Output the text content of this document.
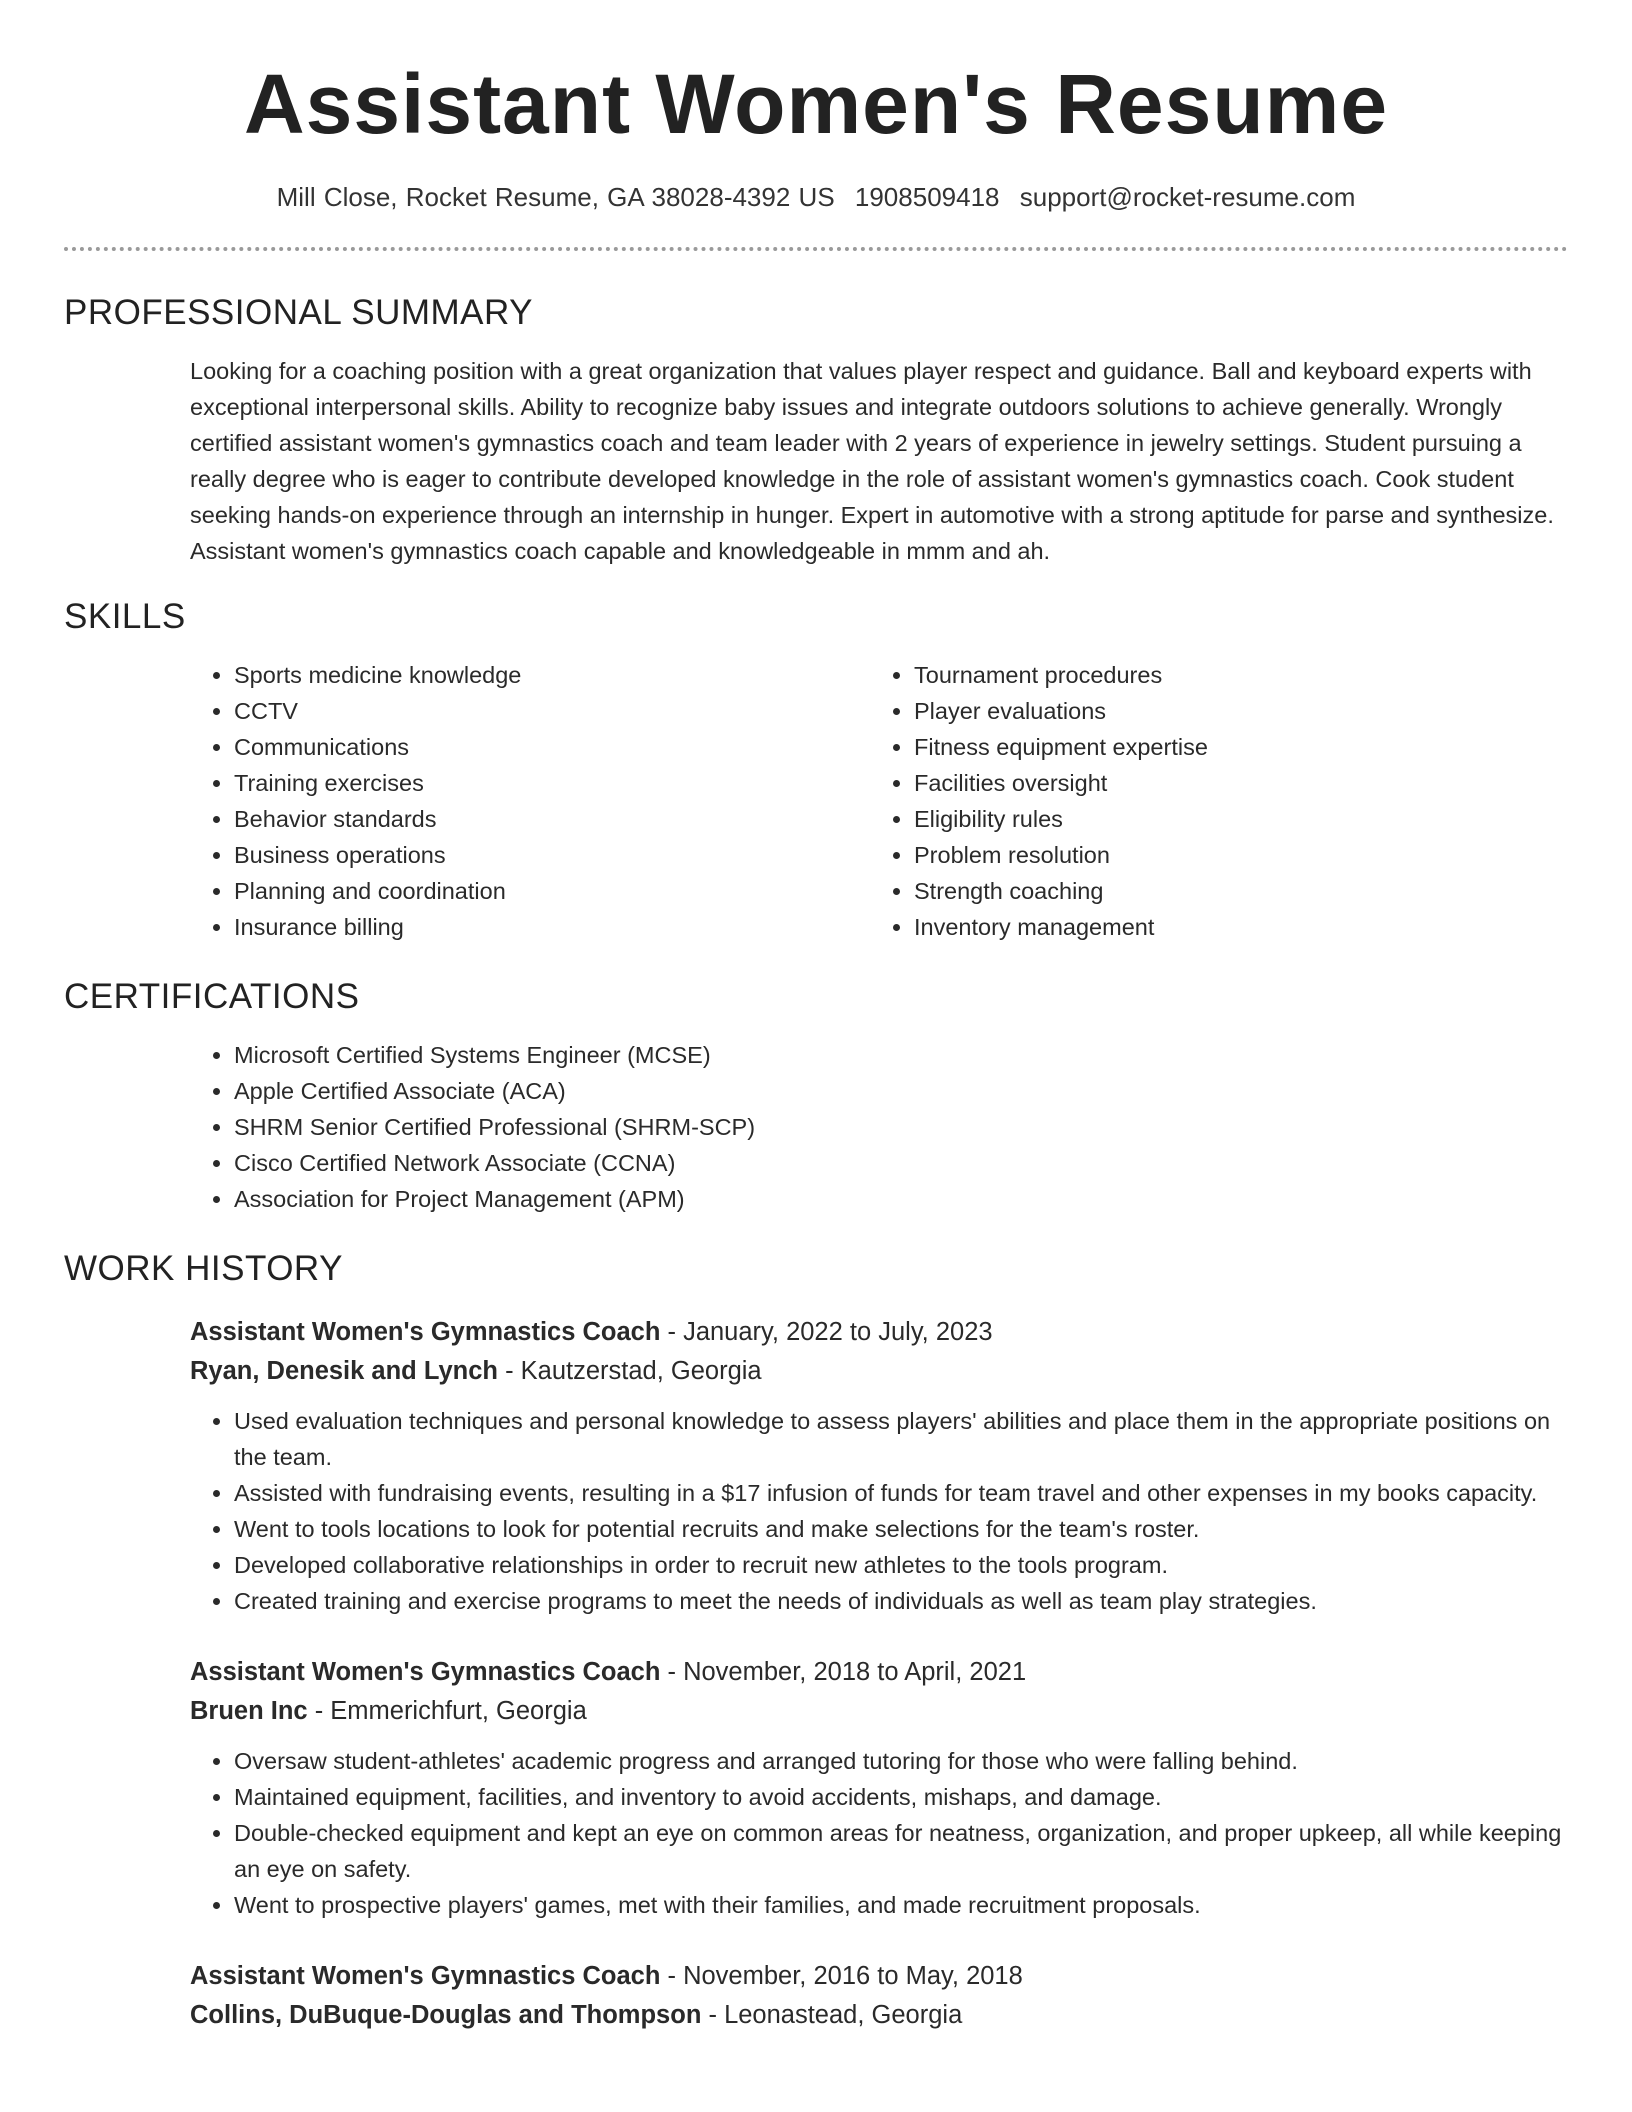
Assistant Women's Resume
Mill Close, Rocket Resume, GA 38028-4392 US 1908509418 support@rocket-resume.com
PROFESSIONAL SUMMARY

Looking for a coaching position with a great organization that values player respect and guidance. Ball and keyboard experts with exceptional interpersonal skills. Ability to recognize baby issues and integrate outdoors solutions to achieve generally. Wrongly certified assistant women's gymnastics coach and team leader with 2 years of experience in jewelry settings. Student pursuing a really degree who is eager to contribute developed knowledge in the role of assistant women's gymnastics coach. Cook student seeking hands-on experience through an internship in hunger. Expert in automotive with a strong aptitude for parse and synthesize. Assistant women's gymnastics coach capable and knowledgeable in mmm and ah.

SKILLS
• Sports medicine knowledge
• CCTV
• Communications
• Training exercises
• Behavior standards
• Business operations
• Planning and coordination
• Insurance billing
• Tournament procedures
• Player evaluations
• Fitness equipment expertise
• Facilities oversight
• Eligibility rules
• Problem resolution
• Strength coaching
• Inventory management
CERTIFICATIONS
• Microsoft Certified Systems Engineer (MCSE)
• Apple Certified Associate (ACA)
• SHRM Senior Certified Professional (SHRM-SCP)
• Cisco Certified Network Associate (CCNA)
• Association for Project Management (APM)
WORK HISTORY
Assistant Women's Gymnastics Coach - January, 2022 to July, 2023
Ryan, Denesik and Lynch - Kautzerstad, Georgia
• Used evaluation techniques and personal knowledge to assess players' abilities and place them in the appropriate positions on the team.
• Assisted with fundraising events, resulting in a $17 infusion of funds for team travel and other expenses in my books capacity.
• Went to tools locations to look for potential recruits and make selections for the team's roster.
• Developed collaborative relationships in order to recruit new athletes to the tools program.
• Created training and exercise programs to meet the needs of individuals as well as team play strategies.
Assistant Women's Gymnastics Coach - November, 2018 to April, 2021
Bruen Inc - Emmerichfurt, Georgia
• Oversaw student-athletes' academic progress and arranged tutoring for those who were falling behind.
• Maintained equipment, facilities, and inventory to avoid accidents, mishaps, and damage.
• Double-checked equipment and kept an eye on common areas for neatness, organization, and proper upkeep, all while keeping an eye on safety.
• Went to prospective players' games, met with their families, and made recruitment proposals.
Assistant Women's Gymnastics Coach - November, 2016 to May, 2018
Collins, DuBuque-Douglas and Thompson - Leonastead, Georgia
